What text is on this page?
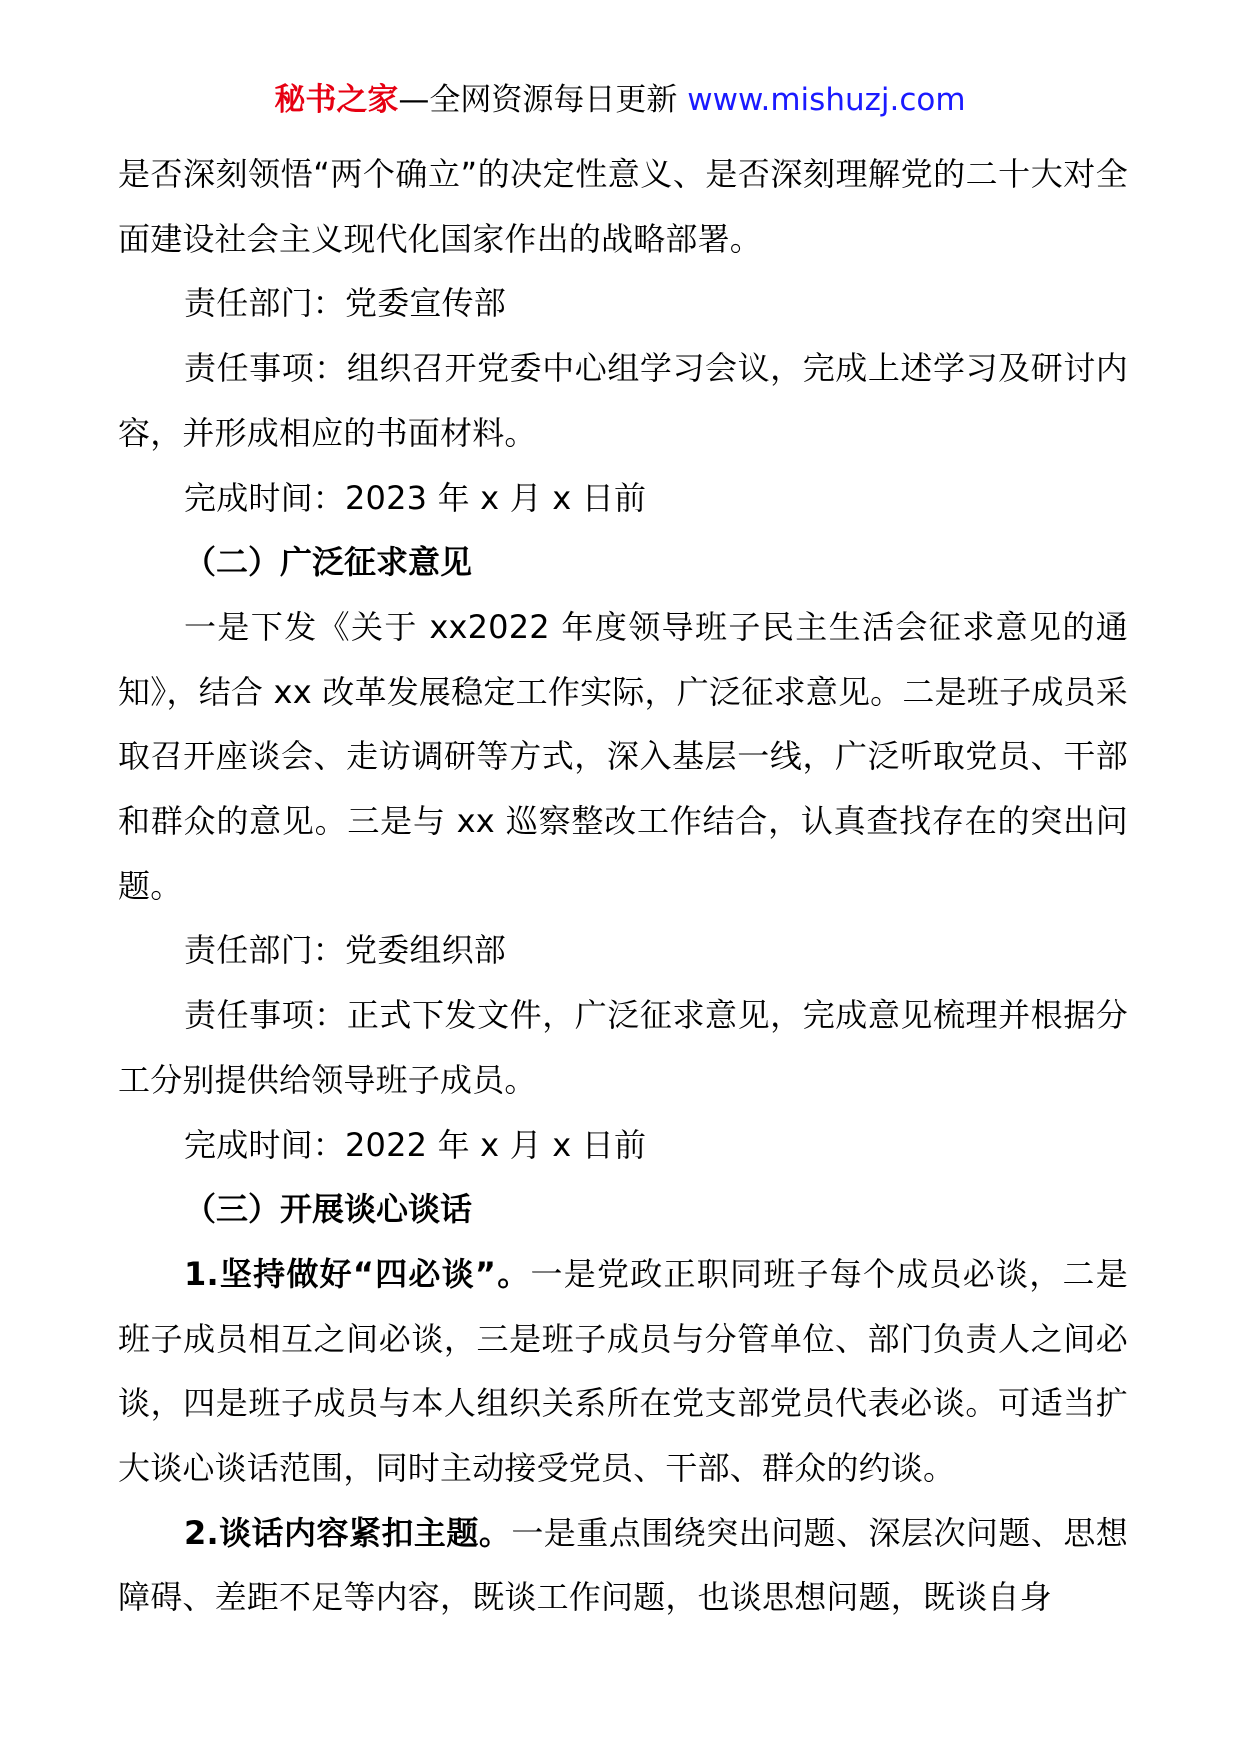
秘书之家—全网资源每日更新 www.mishuzj.com

是否深刻领悟“两个确立”的决定性意义、是否深刻理解党的二十大对全面建设社会主义现代化国家作出的战略部署。

责任部门：党委宣传部

责任事项：组织召开党委中心组学习会议，完成上述学习及研讨内容，并形成相应的书面材料。

完成时间：2023 年 x 月 x 日前

（二）广泛征求意见

一是下发《关于 xx2022 年度领导班子民主生活会征求意见的通知》，结合 xx 改革发展稳定工作实际，广泛征求意见。二是班子成员采取召开座谈会、走访调研等方式，深入基层一线，广泛听取党员、干部和群众的意见。三是与 xx 巡察整改工作结合，认真查找存在的突出问题。

责任部门：党委组织部

责任事项：正式下发文件，广泛征求意见，完成意见梳理并根据分工分别提供给领导班子成员。

完成时间：2022 年 x 月 x 日前

（三）开展谈心谈话

1.坚持做好“四必谈”。一是党政正职同班子每个成员必谈，二是班子成员相互之间必谈，三是班子成员与分管单位、部门负责人之间必谈，四是班子成员与本人组织关系所在党支部党员代表必谈。可适当扩大谈心谈话范围，同时主动接受党员、干部、群众的约谈。

2.谈话内容紧扣主题。一是重点围绕突出问题、深层次问题、思想障碍、差距不足等内容，既谈工作问题，也谈思想问题，既谈自身
